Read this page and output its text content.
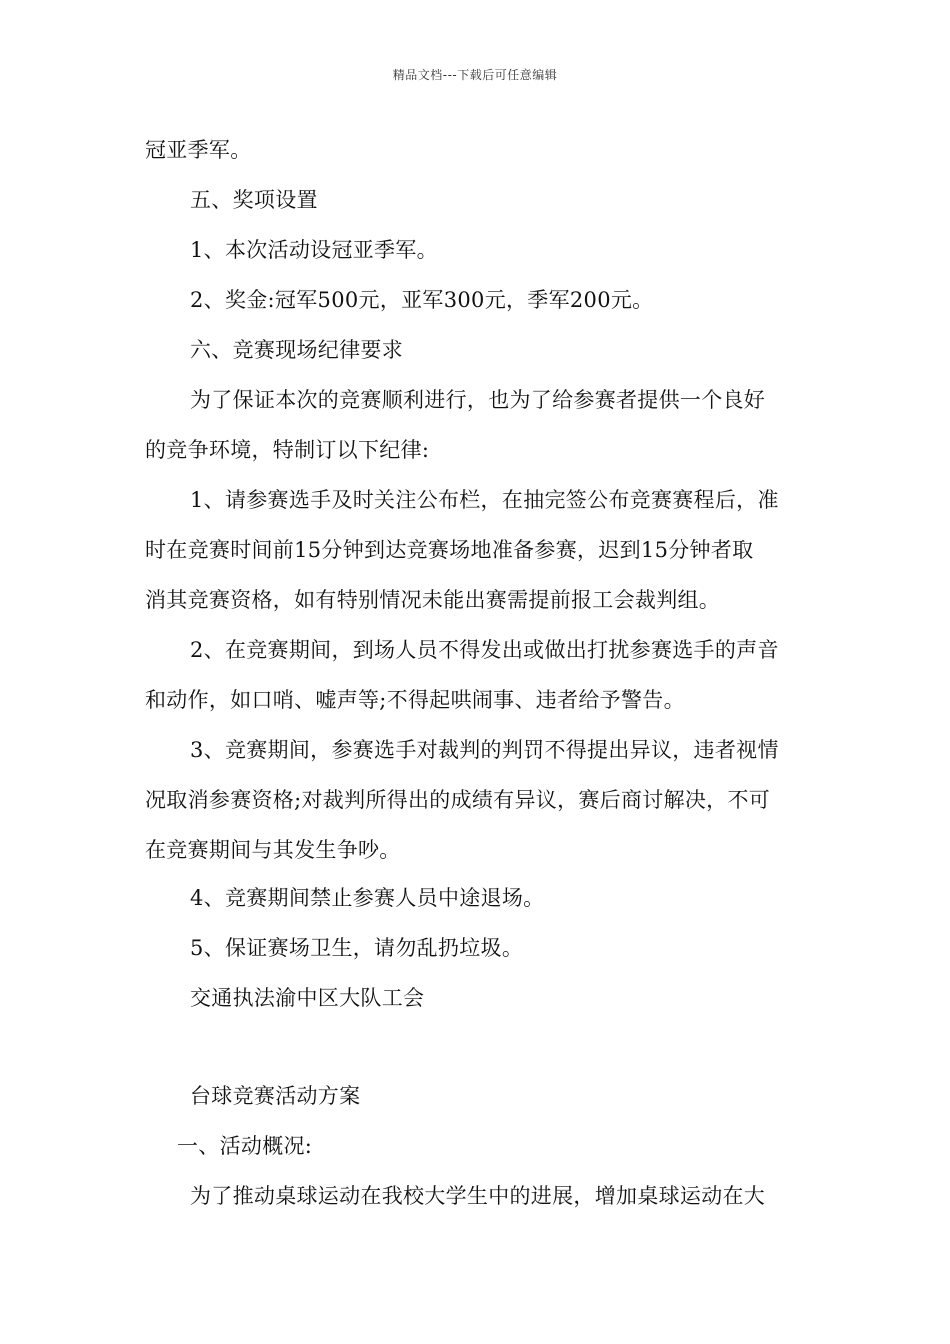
精品文档---下载后可任意编辑
冠亚季军。
五、奖项设置
1、本次活动设冠亚季军。
2、奖金:冠军500元，亚军300元，季军200元。
六、竞赛现场纪律要求
为了保证本次的竞赛顺利进行，也为了给参赛者提供一个良好
的竞争环境，特制订以下纪律:
1、请参赛选手及时关注公布栏，在抽完签公布竞赛赛程后，准
时在竞赛时间前15分钟到达竞赛场地准备参赛，迟到15分钟者取
消其竞赛资格，如有特别情况未能出赛需提前报工会裁判组。
2、在竞赛期间，到场人员不得发出或做出打扰参赛选手的声音
和动作，如口哨、嘘声等;不得起哄闹事、违者给予警告。
3、竞赛期间，参赛选手对裁判的判罚不得提出异议，违者视情
况取消参赛资格;对裁判所得出的成绩有异议，赛后商讨解决，不可
在竞赛期间与其发生争吵。
4、竞赛期间禁止参赛人员中途退场。
5、保证赛场卫生，请勿乱扔垃圾。
交通执法渝中区大队工会
台球竞赛活动方案
一、活动概况:
为了推动桌球运动在我校大学生中的进展，增加桌球运动在大
